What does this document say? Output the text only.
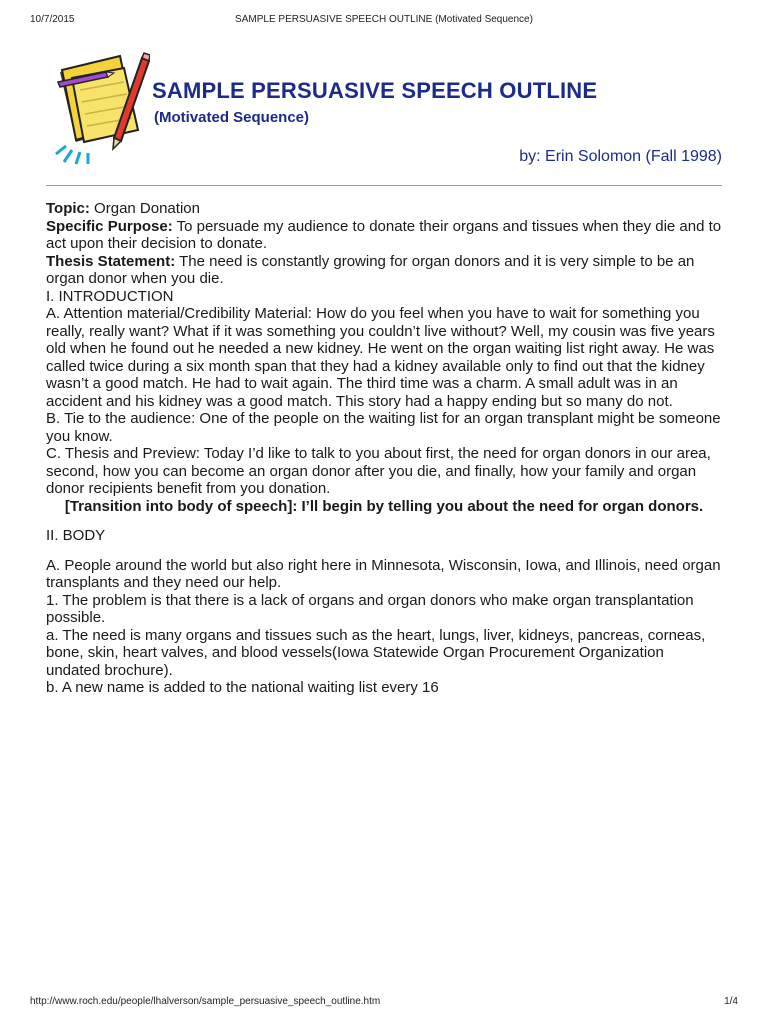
10/7/2015	SAMPLE PERSUASIVE SPEECH OUTLINE (Motivated Sequence)
SAMPLE PERSUASIVE SPEECH OUTLINE
(Motivated Sequence)
by: Erin Solomon (Fall 1998)

Topic: Organ Donation

Specific Purpose: To persuade my audience to donate their organs and tissues when they die and to act upon their decision to donate.

Thesis Statement: The need is constantly growing for organ donors and it is very simple to be an organ donor when you die.

I. INTRODUCTION

A. Attention material/Credibility Material: How do you feel when you have to wait for something you really, really want? What if it was something you couldn’t live without? Well, my cousin was five years old when he found out he needed a new kidney. He went on the organ waiting list right away. He was called twice during a six month span that they had a kidney available only to find out that the kidney wasn’t a good match. He had to wait again. The third time was a charm. A small adult was in an accident and his kidney was a good match. This story had a happy ending but so many do not.

B. Tie to the audience: One of the people on the waiting list for an organ transplant might be someone you know.

C. Thesis and Preview: Today I’d like to talk to you about first, the need for organ donors in our area, second, how you can become an organ donor after you die, and finally, how your family and organ donor recipients benefit from you donation.

[Transition into body of speech]: I’ll begin by telling you about the need for organ donors.

II. BODY

A. People around the world but also right here in Minnesota, Wisconsin, Iowa, and Illinois, need organ transplants and they need our help.

1. The problem is that there is a lack of organs and organ donors who make organ transplantation possible.

a. The need is many organs and tissues such as the heart, lungs, liver, kidneys, pancreas, corneas, bone, skin, heart valves, and blood vessels(Iowa Statewide Organ Procurement Organization undated brochure).

b. A new name is added to the national waiting list every 16

http://www.roch.edu/people/lhalverson/sample_persuasive_speech_outline.htm	1/4
